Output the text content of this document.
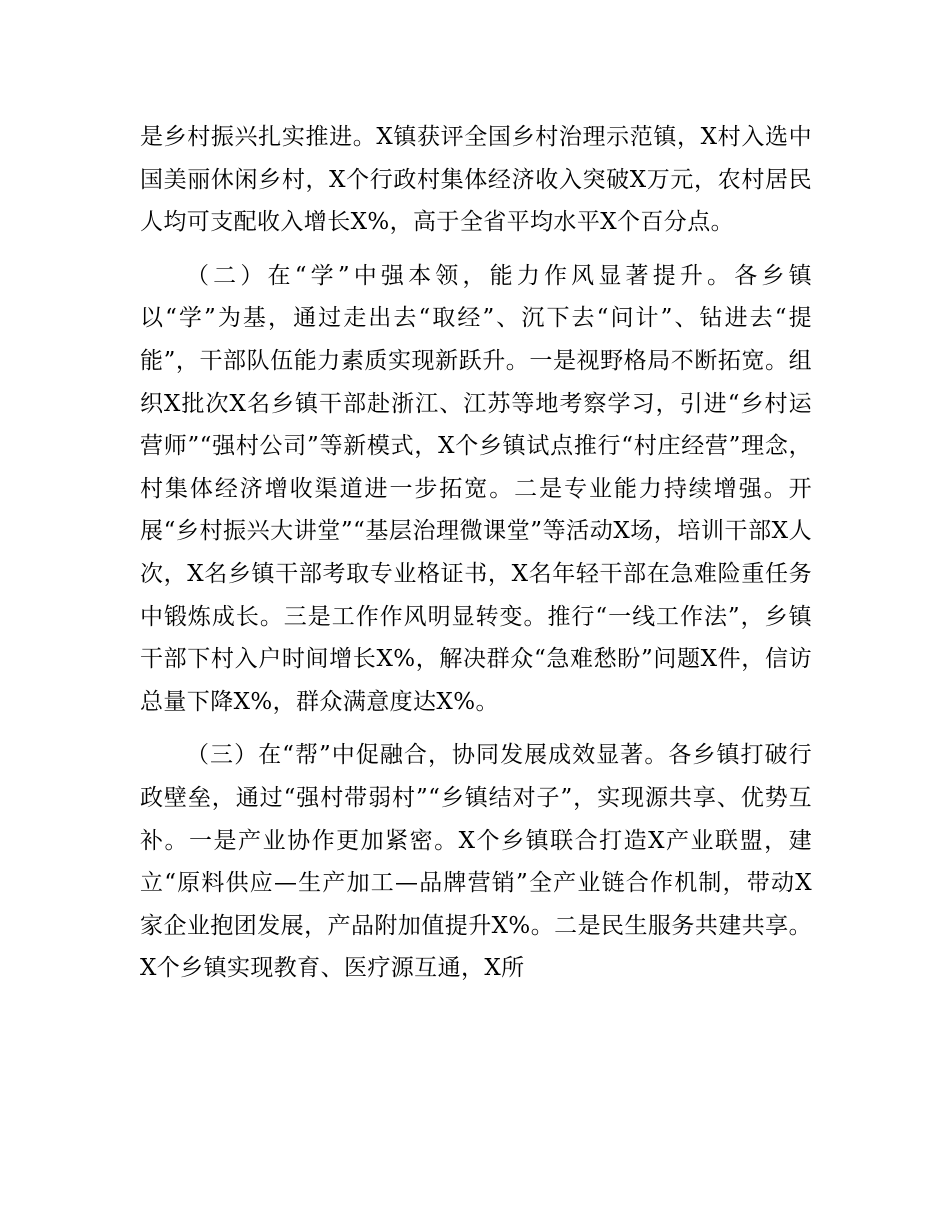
是乡村振兴扎实推进。X镇获评全国乡村治理示范镇，X村入选中国美丽休闲乡村，X个行政村集体经济收入突破X万元，农村居民人均可支配收入增长X%，高于全省平均水平X个百分点。

（二）在“学”中强本领，能力作风显著提升。各乡镇以“学”为基，通过走出去“取经”、沉下去“问计”、钻进去“提能”，干部队伍能力素质实现新跃升。一是视野格局不断拓宽。组织X批次X名乡镇干部赴浙江、江苏等地考察学习，引进“乡村运营师”“强村公司”等新模式，X个乡镇试点推行“村庄经营”理念，村集体经济增收渠道进一步拓宽。二是专业能力持续增强。开展“乡村振兴大讲堂”“基层治理微课堂”等活动X场，培训干部X人次，X名乡镇干部考取专业格证书，X名年轻干部在急难险重任务中锻炼成长。三是工作作风明显转变。推行“一线工作法”，乡镇干部下村入户时间增长X%，解决群众“急难愁盼”问题X件，信访总量下降X%，群众满意度达X%。

（三）在“帮”中促融合，协同发展成效显著。各乡镇打破行政壁垒，通过“强村带弱村”“乡镇结对子”，实现源共享、优势互补。一是产业协作更加紧密。X个乡镇联合打造X产业联盟，建立“原料供应—生产加工—品牌营销”全产业链合作机制，带动X家企业抱团发展，产品附加值提升X%。二是民生服务共建共享。X个乡镇实现教育、医疗源互通，X所
